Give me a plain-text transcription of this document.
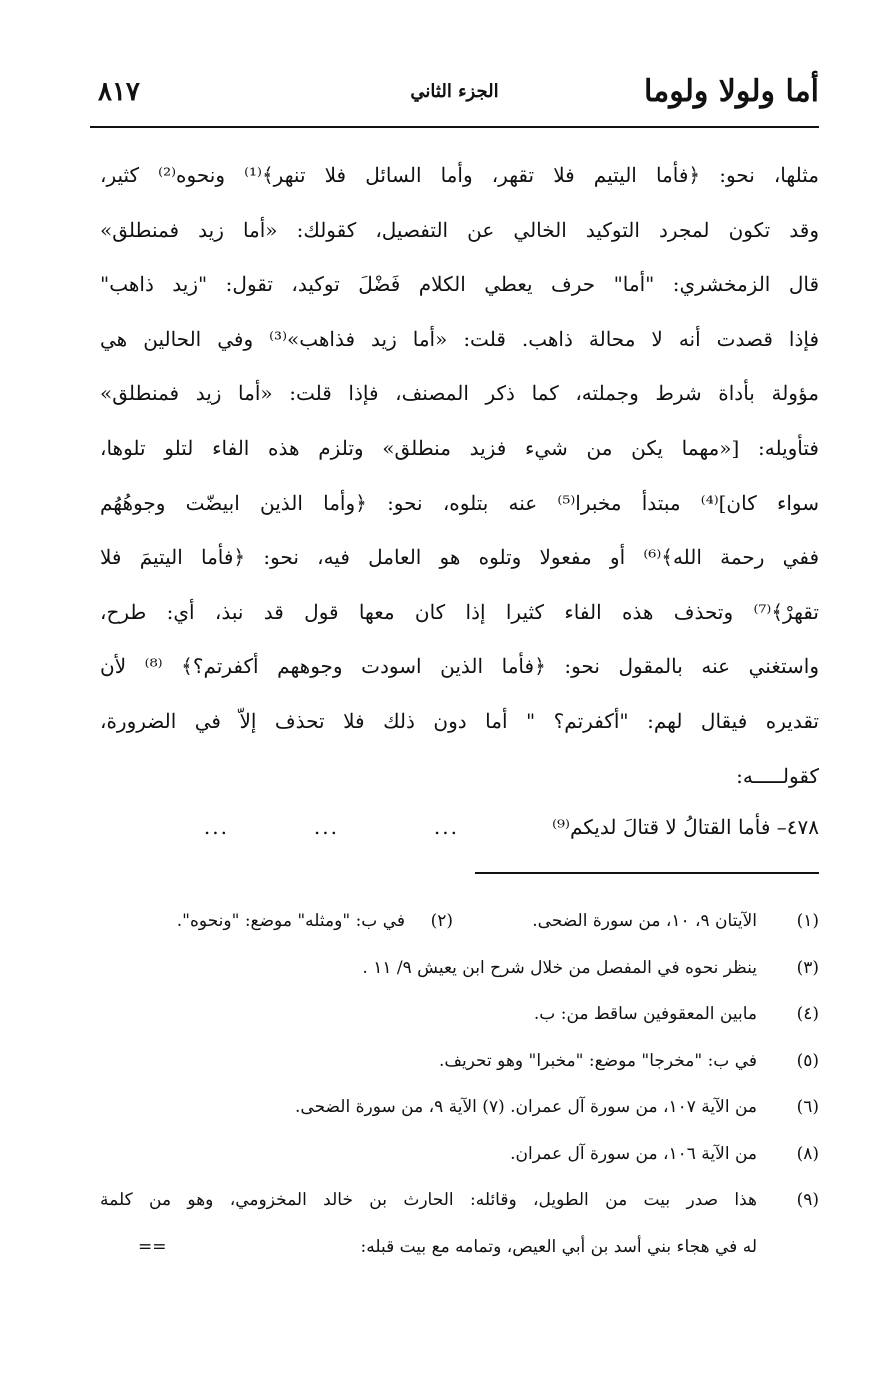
أما ولولا ولوما
الجزء الثاني
٨١٧
مثلها، نحو: ﴿فأما اليتيم فلا تقهر، وأما السائل فلا تنهر﴾⁽¹⁾ ونحوه⁽²⁾ كثير،
وقد تكون لمجرد التوكيد الخالي عن التفصيل، كقولك: «أما زيد فمنطلق»
قال الزمخشري: "أما" حرف يعطي الكلام فَضْلَ توكيد، تقول: "زيد ذاهب"
فإذا قصدت أنه لا محالة ذاهب. قلت: «أما زيد فذاهب»⁽³⁾ وفي الحالين هي
مؤولة بأداة شرط وجملته، كما ذكر المصنف، فإذا قلت: «أما زيد فمنطلق»
فتأويله: [«مهما يكن من شيء فزيد منطلق» وتلزم هذه الفاء لتلو تلوها،
سواء كان]⁽⁴⁾ مبتدأ مخبرا⁽⁵⁾ عنه بتلوه، نحو: ﴿وأما الذين ابيضّت وجوهُهُم
ففي رحمة الله﴾⁽⁶⁾ أو مفعولا وتلوه هو العامل فيه، نحو: ﴿فأما اليتيمَ فلا
تقهرْ﴾⁽⁷⁾ وتحذف هذه الفاء كثيرا إذا كان معها قول قد نبذ، أي: طرح،
واستغني عنه بالمقول نحو: ﴿فأما الذين اسودت وجوههم أكفرتم؟﴾ ⁽⁸⁾ لأن
تقديره فيقال لهم: "أكفرتم؟ " أما دون ذلك فلا تحذف إلاّ في الضرورة،
كقولـــــه:
٤٧٨– فأما القتالُ لا قتالَ لديكم⁽⁹⁾
...
...
...
(١)
الآيتان ٩، ١٠، من سورة الضحى.
(٢)
في ب: "ومثله" موضع: "ونحوه".
(٣)
ينظر نحوه في المفصل من خلال شرح ابن يعيش ٩/ ١١ .
(٤)
مابين المعقوفين ساقط من: ب.
(٥)
في ب: "مخرجا" موضع: "مخبرا" وهو تحريف.
(٦)
من الآية ١٠٧، من سورة آل عمران. (٧) الآية ٩، من سورة الضحى.
(٨)
من الآية ١٠٦، من سورة آل عمران.
(٩)
هذا صدر بيت من الطويل، وقائله: الحارث بن خالد المخزومي، وهو من كلمة
له في هجاء بني أسد بن أبي العيص، وتمامه مع بيت قبله:
==
